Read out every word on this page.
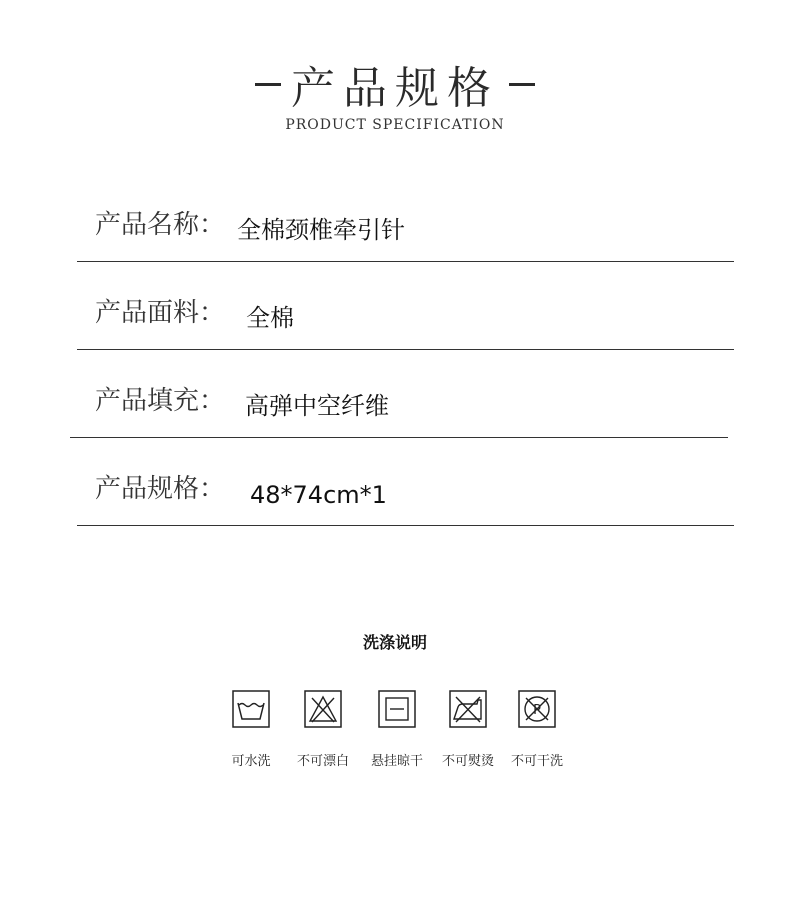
产品规格
PRODUCT SPECIFICATION
产品名称： 全棉颈椎牵引针
产品面料： 全棉
产品填充： 高弹中空纤维
产品规格： 48*74cm*1
洗涤说明
可水洗	不可漂白	悬挂晾干	不可熨烫
P
不可干洗
